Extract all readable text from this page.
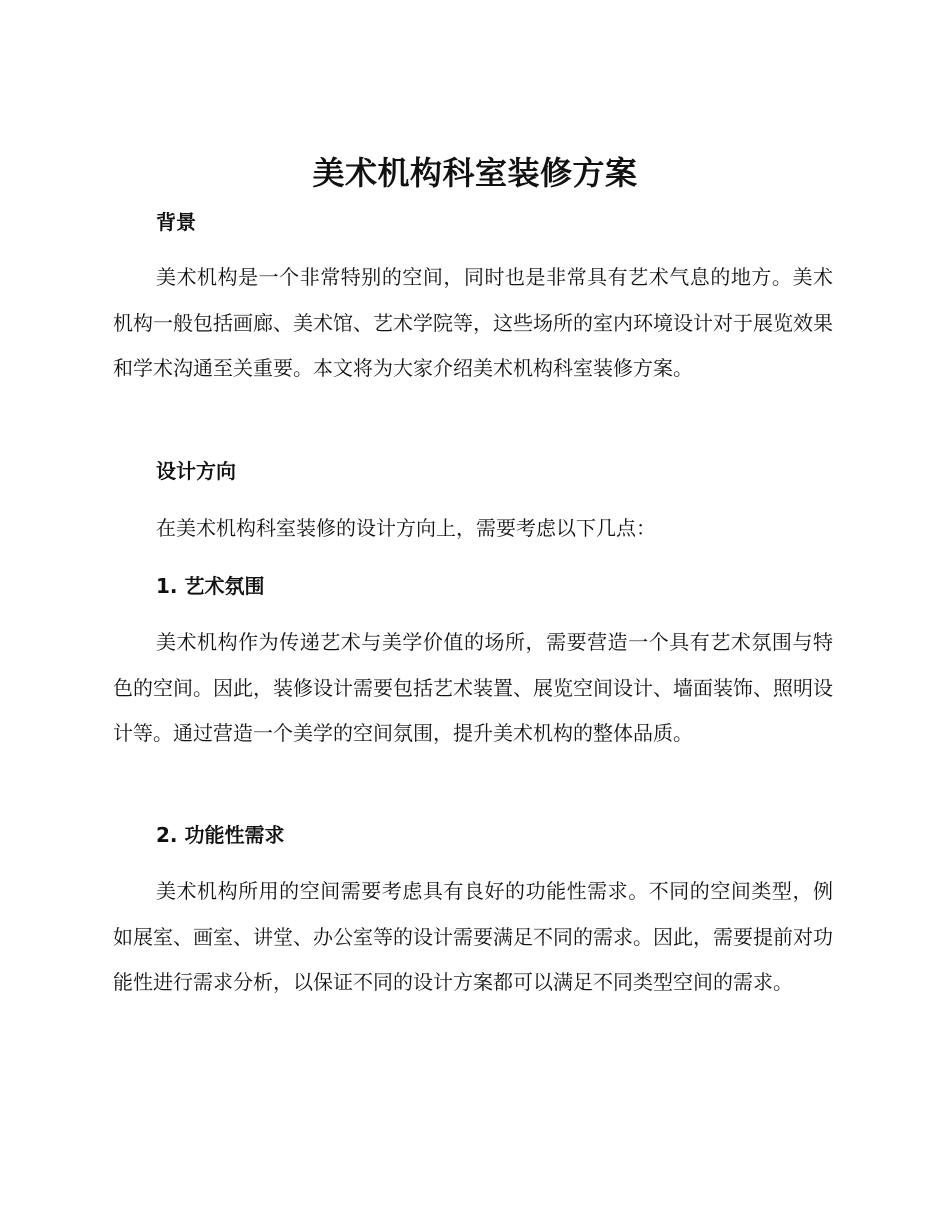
美术机构科室装修方案
背景

美术机构是一个非常特别的空间，同时也是非常具有艺术气息的地方。美术机构一般包括画廊、美术馆、艺术学院等，这些场所的室内环境设计对于展览效果和学术沟通至关重要。本文将为大家介绍美术机构科室装修方案。

设计方向

在美术机构科室装修的设计方向上，需要考虑以下几点：

1. 艺术氛围

美术机构作为传递艺术与美学价值的场所，需要营造一个具有艺术氛围与特色的空间。因此，装修设计需要包括艺术装置、展览空间设计、墙面装饰、照明设计等。通过营造一个美学的空间氛围，提升美术机构的整体品质。

2. 功能性需求

美术机构所用的空间需要考虑具有良好的功能性需求。不同的空间类型，例如展室、画室、讲堂、办公室等的设计需要满足不同的需求。因此，需要提前对功能性进行需求分析，以保证不同的设计方案都可以满足不同类型空间的需求。
